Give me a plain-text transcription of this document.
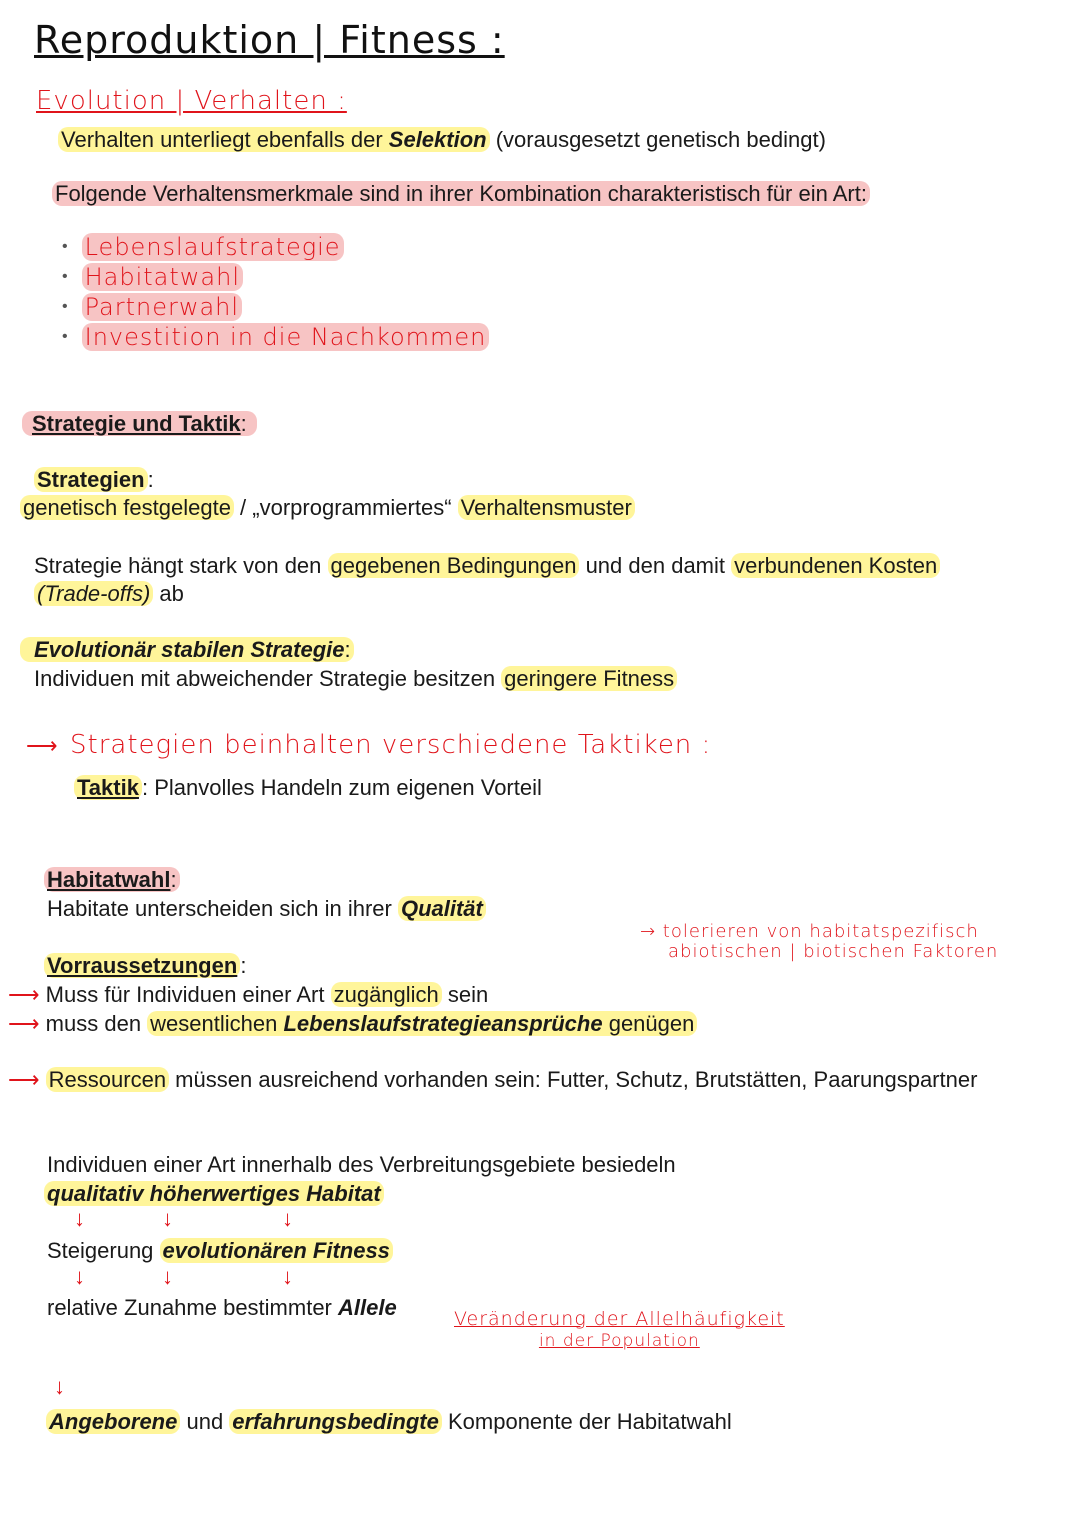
Reproduktion | Fitness :
Evolution | Verhalten :
Verhalten unterliegt ebenfalls der Selektion (vorausgesetzt genetisch bedingt)
Folgende Verhaltensmerkmale sind in ihrer Kombination charakteristisch für ein Art:
• Lebenslaufstrategie
• Habitatwahl
• Partnerwahl
• Investition in die Nachkommen
Strategie und Taktik:
Strategien :
genetisch festgelegte / „vorprogrammiertes“ Verhaltensmuster
Strategie hängt stark von den gegebenen Bedingungen und den damit verbundenen Kosten
(Trade-offs) ab
Evolutionär stabilen Strategie:
Individuen mit abweichender Strategie besitzen geringere Fitness
⟶ Strategien beinhalten verschiedene Taktiken :
Taktik : Planvolles Handeln zum eigenen Vorteil
Habitatwahl:
Habitate unterscheiden sich in ihrer Qualität
→ tolerieren von habitatspezifisch
abiotischen | biotischen Faktoren
Vorraussetzungen :
⟶ Muss für Individuen einer Art zugänglich sein
⟶ muss den wesentlichen Lebenslaufstrategieansprüche genügen
⟶ Ressourcen müssen ausreichend vorhanden sein: Futter, Schutz, Brutstätten, Paarungspartner
Individuen einer Art innerhalb des Verbreitungsgebiete besiedeln
qualitativ höherwertiges Habitat
↓	↓	↓
Steigerung evolutionären Fitness
↓	↓	↓
relative Zunahme bestimmter Allele	Veränderung der Allelhäufigkeit
in der Population
↓
Angeborene und erfahrungsbedingte Komponente der Habitatwahl
